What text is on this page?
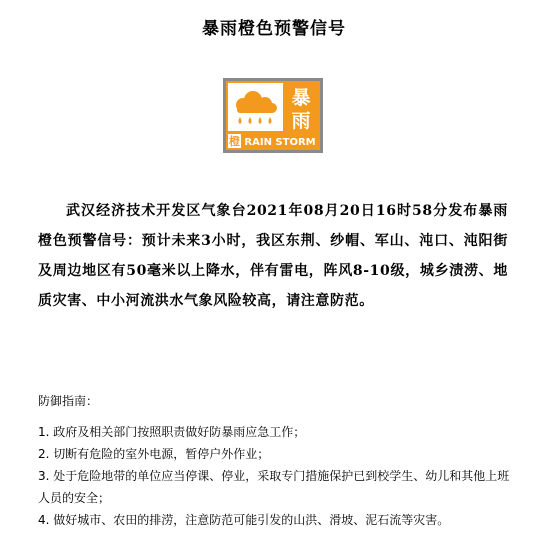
暴雨橙色预警信号
暴
雨
橙 RAIN STORM
武汉经济技术开发区气象台2021年08月20日16时58分发布暴雨橙色预警信号：预计未来3小时，我区东荆、纱帽、军山、沌口、沌阳街及周边地区有50毫米以上降水，伴有雷电，阵风8-10级，城乡渍涝、地质灾害、中小河流洪水气象风险较高，请注意防范。
防御指南：
1. 政府及相关部门按照职责做好防暴雨应急工作；
2. 切断有危险的室外电源，暂停户外作业；
3. 处于危险地带的单位应当停课、停业，采取专门措施保护已到校学生、幼儿和其他上班人员的安全；
4. 做好城市、农田的排涝，注意防范可能引发的山洪、滑坡、泥石流等灾害。
